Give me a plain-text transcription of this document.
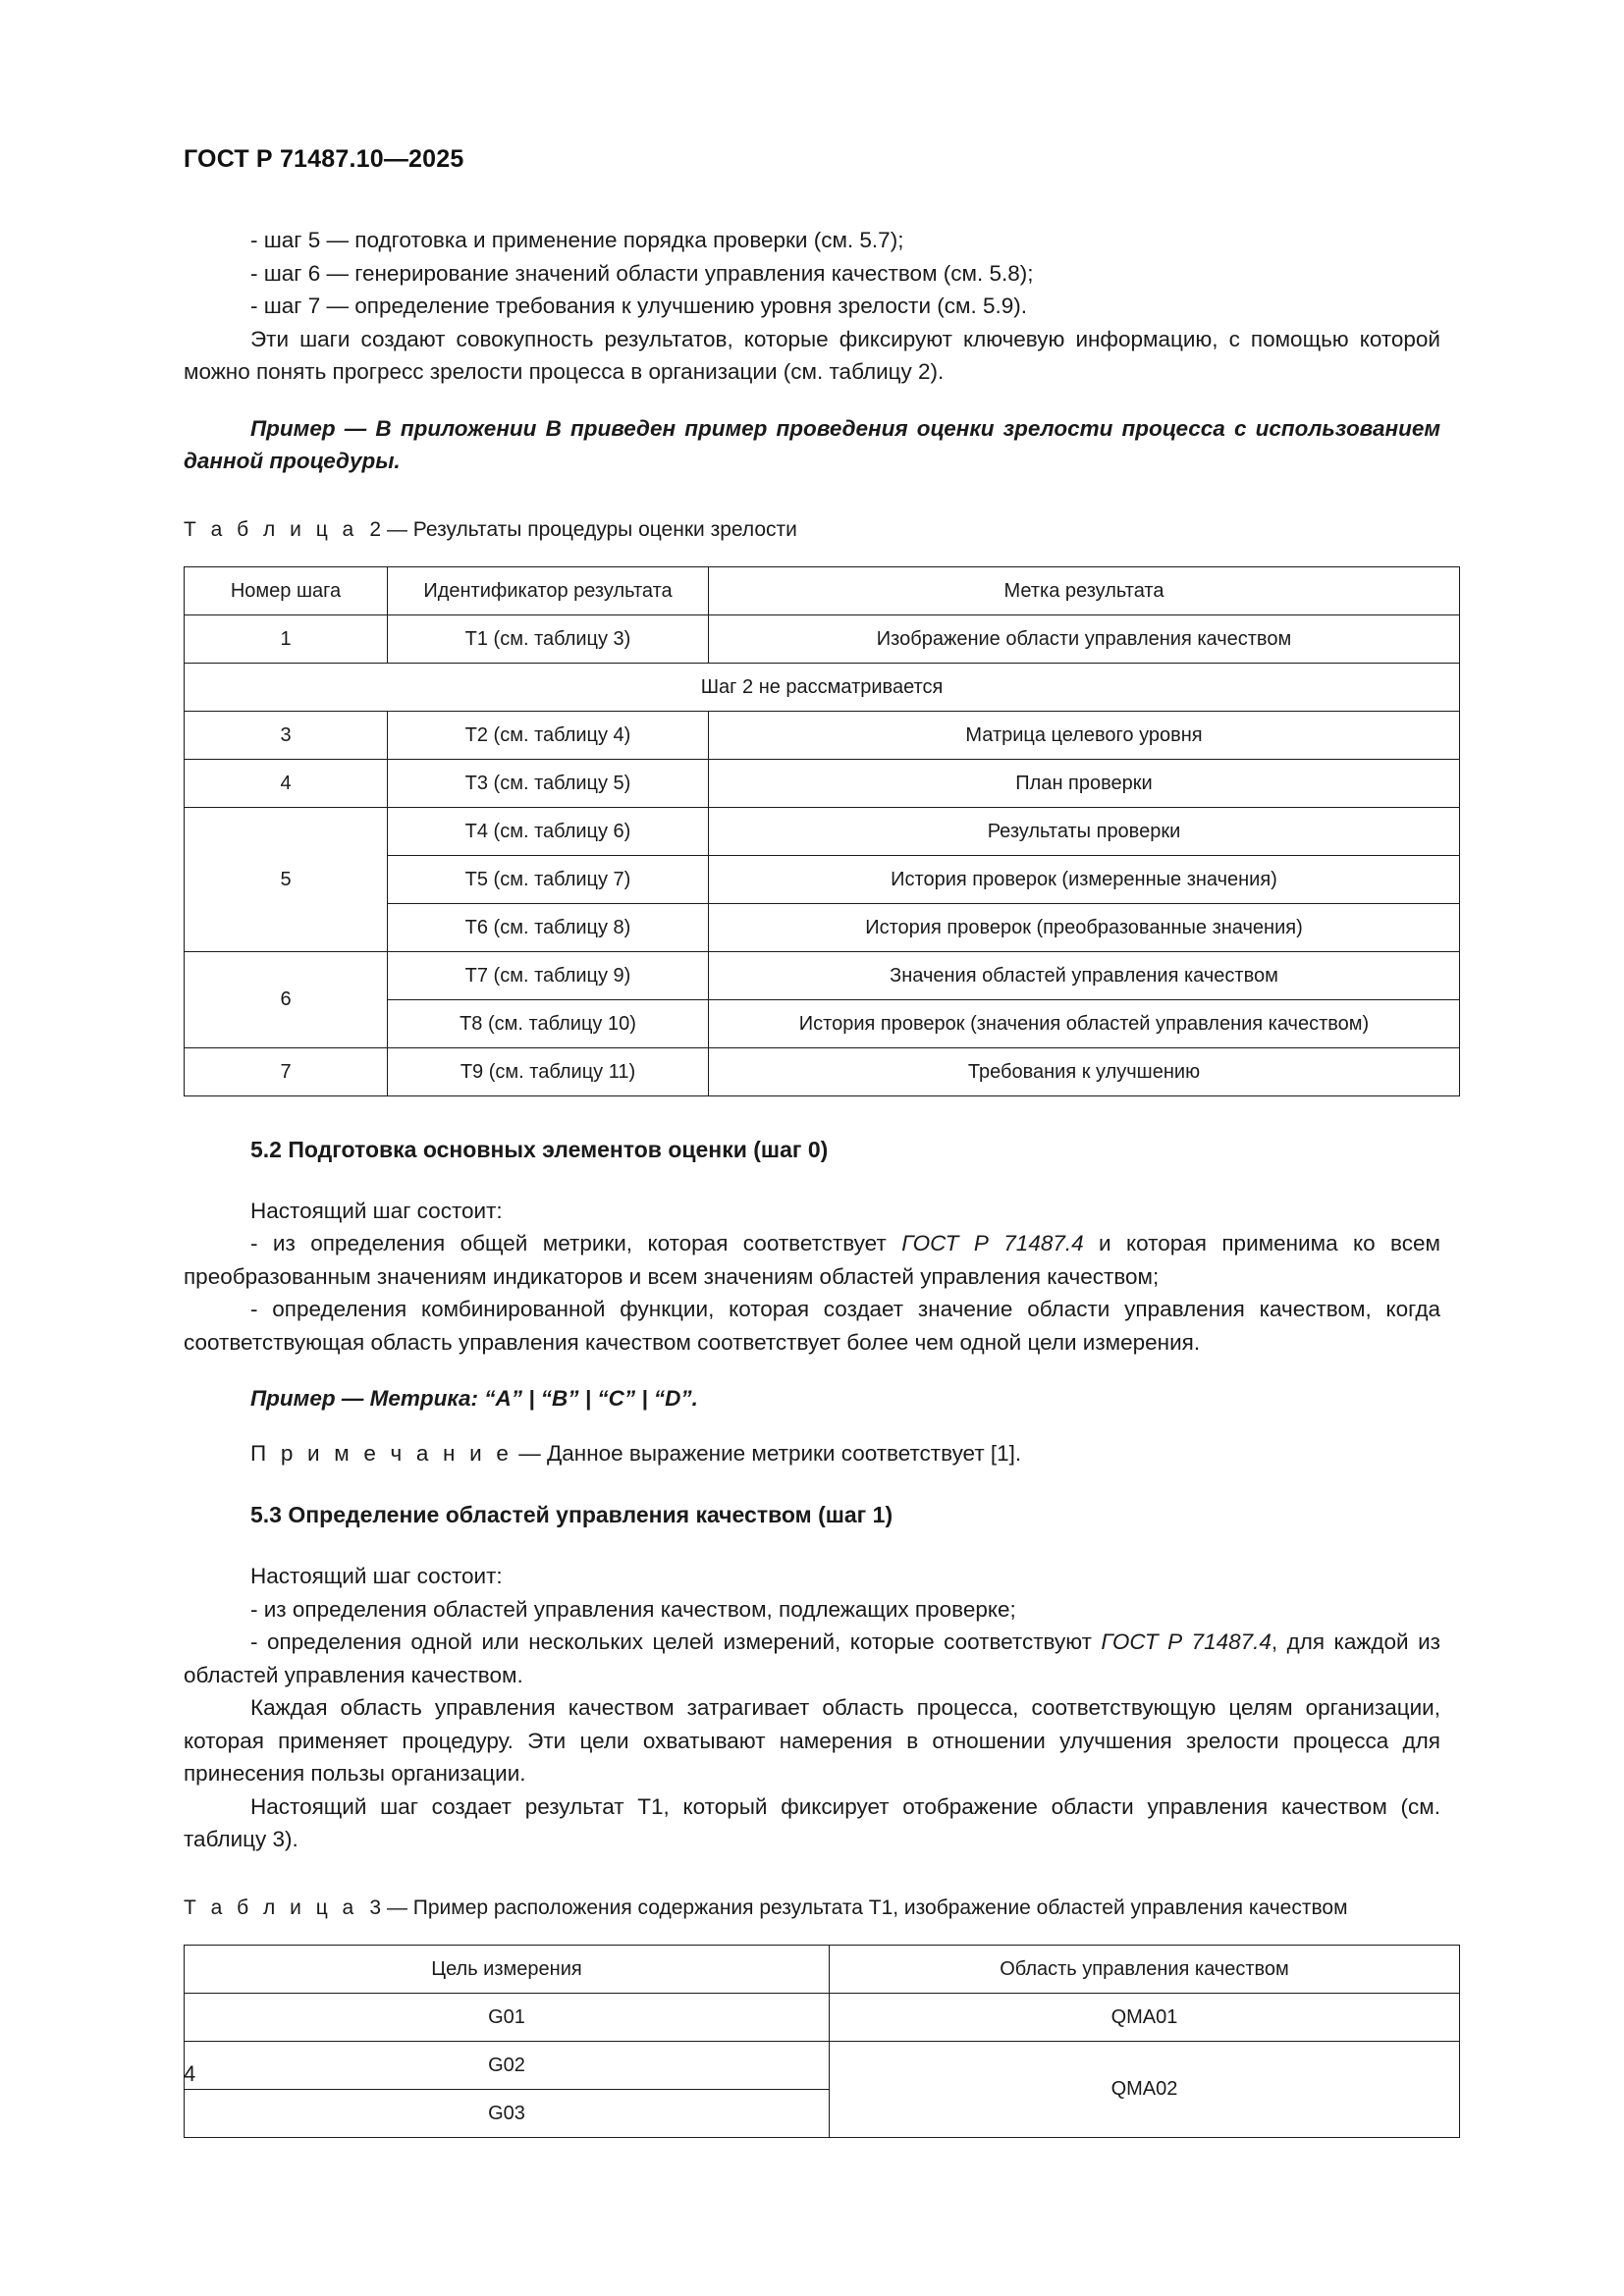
ГОСТ Р 71487.10—2025

- шаг 5 — подготовка и применение порядка проверки (см. 5.7);

- шаг 6 — генерирование значений области управления качеством (см. 5.8);

- шаг 7 — определение требования к улучшению уровня зрелости (см. 5.9).

Эти шаги создают совокупность результатов, которые фиксируют ключевую информацию, с помощью которой можно понять прогресс зрелости процесса в организации (см. таблицу 2).

Пример — В приложении В приведен пример проведения оценки зрелости процесса с использованием данной процедуры.

Т а б л и ц а 2 — Результаты процедуры оценки зрелости

Номер шага	Идентификатор результата	Метка результата
1	Т1 (см. таблицу 3)	Изображение области управления качеством
Шаг 2 не рассматривается		
3	Т2 (см. таблицу 4)	Матрица целевого уровня
4	Т3 (см. таблицу 5)	План проверки
5	Т4 (см. таблицу 6)	Результаты проверки
	Т5 (см. таблицу 7)	История проверок (измеренные значения)
	Т6 (см. таблицу 8)	История проверок (преобразованные значения)
6	Т7 (см. таблицу 9)	Значения областей управления качеством
	Т8 (см. таблицу 10)	История проверок (значения областей управления качеством)
7	Т9 (см. таблицу 11)	Требования к улучшению
5.2 Подготовка основных элементов оценки (шаг 0)

Настоящий шаг состоит:

- из определения общей метрики, которая соответствует ГОСТ Р 71487.4 и которая применима ко всем преобразованным значениям индикаторов и всем значениям областей управления качеством;

- определения комбинированной функции, которая создает значение области управления качеством, когда соответствующая область управления качеством соответствует более чем одной цели измерения.

Пример — Метрика: “A” | “B” | “C” | “D”.

П р и м е ч а н и е — Данное выражение метрики соответствует [1].

5.3 Определение областей управления качеством (шаг 1)

Настоящий шаг состоит:

- из определения областей управления качеством, подлежащих проверке;

- определения одной или нескольких целей измерений, которые соответствуют ГОСТ Р 71487.4, для каждой из областей управления качеством.

Каждая область управления качеством затрагивает область процесса, соответствующую целям организации, которая применяет процедуру. Эти цели охватывают намерения в отношении улучшения зрелости процесса для принесения пользы организации.

Настоящий шаг создает результат Т1, который фиксирует отображение области управления качеством (см. таблицу 3).

Т а б л и ц а 3 — Пример расположения содержания результата Т1, изображение областей управления качеством

Цель измерения	Область управления качеством
G01	QMA01
G02	QMA02
G03	
4
